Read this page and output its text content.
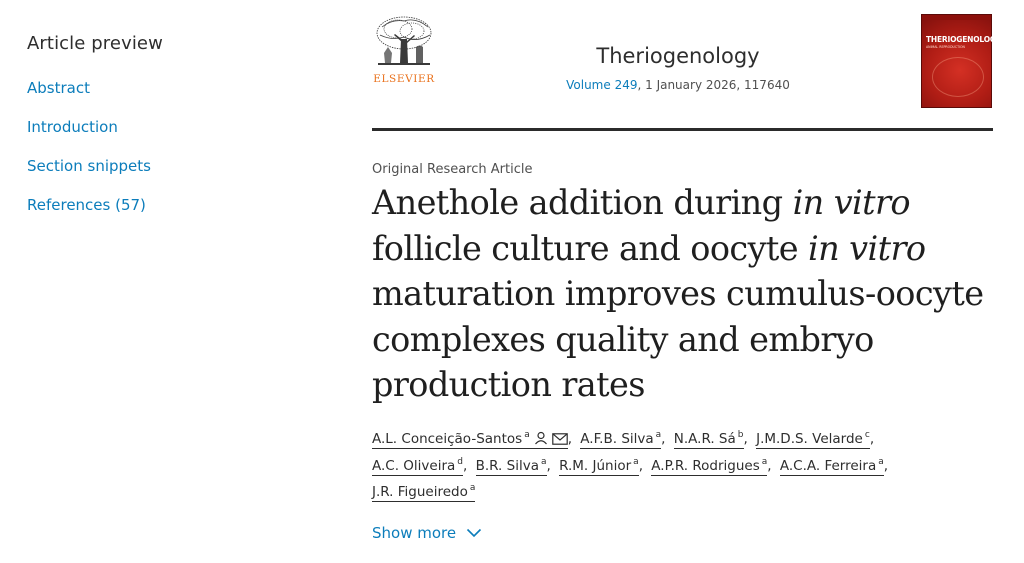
Article preview
Abstract
Introduction
Section snippets
References (57)
ELSEVIER
Theriogenology
Volume 249, 1 January 2026, 117640
THERIOGENOLOGY
ANIMAL REPRODUCTION
Original Research Article
Anethole addition during in vitro
follicle culture and oocyte in vitro
maturation improves cumulus-oocyte
complexes quality and embryo
production rates
A.L. Conceição-Santos $^a$	, A.F.B. Silva $^a$, N.A.R. Sá $^b$, J.M.D.S. Velarde $^c$,
A.C. Oliveira $^d$, B.R. Silva $^a$, R.M. Júnior $^a$, A.P.R. Rodrigues $^a$, A.C.A. Ferreira $^a$,
J.R. Figueiredo $^a$
Show more
